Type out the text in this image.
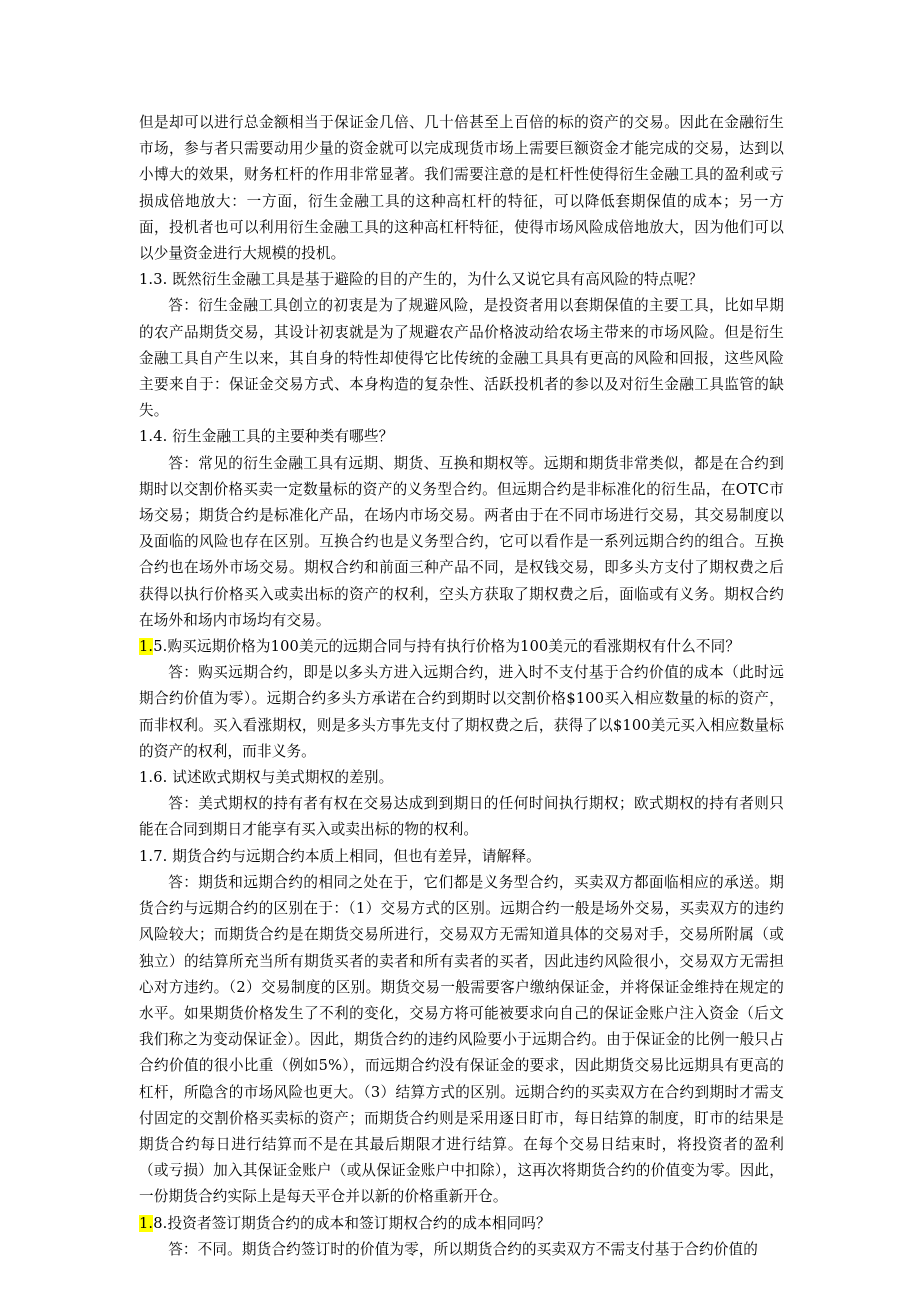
但是却可以进行总金额相当于保证金几倍、几十倍甚至上百倍的标的资产的交易。因此在金融衍生市场，参与者只需要动用少量的资金就可以完成现货市场上需要巨额资金才能完成的交易，达到以小博大的效果，财务杠杆的作用非常显著。我们需要注意的是杠杆性使得衍生金融工具的盈利或亏损成倍地放大：一方面，衍生金融工具的这种高杠杆的特征，可以降低套期保值的成本；另一方面，投机者也可以利用衍生金融工具的这种高杠杆特征，使得市场风险成倍地放大，因为他们可以以少量资金进行大规模的投机。

1.3. 既然衍生金融工具是基于避险的目的产生的，为什么又说它具有高风险的特点呢？

答：衍生金融工具创立的初衷是为了规避风险，是投资者用以套期保值的主要工具，比如早期的农产品期货交易，其设计初衷就是为了规避农产品价格波动给农场主带来的市场风险。但是衍生金融工具自产生以来，其自身的特性却使得它比传统的金融工具具有更高的风险和回报，这些风险主要来自于：保证金交易方式、本身构造的复杂性、活跃投机者的参以及对衍生金融工具监管的缺失。

1.4. 衍生金融工具的主要种类有哪些？

答：常见的衍生金融工具有远期、期货、互换和期权等。远期和期货非常类似，都是在合约到期时以交割价格买卖一定数量标的资产的义务型合约。但远期合约是非标准化的衍生品，在OTC市场交易；期货合约是标准化产品，在场内市场交易。两者由于在不同市场进行交易，其交易制度以及面临的风险也存在区别。互换合约也是义务型合约，它可以看作是一系列远期合约的组合。互换合约也在场外市场交易。期权合约和前面三种产品不同，是权钱交易，即多头方支付了期权费之后获得以执行价格买入或卖出标的资产的权利，空头方获取了期权费之后，面临或有义务。期权合约在场外和场内市场均有交易。

1.5.购买远期价格为100美元的远期合同与持有执行价格为100美元的看涨期权有什么不同？

答：购买远期合约，即是以多头方进入远期合约，进入时不支付基于合约价值的成本（此时远期合约价值为零）。远期合约多头方承诺在合约到期时以交割价格$100买入相应数量的标的资产，而非权利。买入看涨期权，则是多头方事先支付了期权费之后，获得了以$100美元买入相应数量标的资产的权利，而非义务。

1.6. 试述欧式期权与美式期权的差别。

答：美式期权的持有者有权在交易达成到到期日的任何时间执行期权；欧式期权的持有者则只能在合同到期日才能享有买入或卖出标的物的权利。

1.7. 期货合约与远期合约本质上相同，但也有差异，请解释。

答：期货和远期合约的相同之处在于，它们都是义务型合约，买卖双方都面临相应的承送。期货合约与远期合约的区别在于：（1）交易方式的区别。远期合约一般是场外交易，买卖双方的违约风险较大；而期货合约是在期货交易所进行，交易双方无需知道具体的交易对手，交易所附属（或独立）的结算所充当所有期货买者的卖者和所有卖者的买者，因此违约风险很小，交易双方无需担心对方违约。（2）交易制度的区别。期货交易一般需要客户缴纳保证金，并将保证金维持在规定的水平。如果期货价格发生了不利的变化，交易方将可能被要求向自己的保证金账户注入资金（后文我们称之为变动保证金）。因此，期货合约的违约风险要小于远期合约。由于保证金的比例一般只占合约价值的很小比重（例如5%），而远期合约没有保证金的要求，因此期货交易比远期具有更高的杠杆，所隐含的市场风险也更大。（3）结算方式的区别。远期合约的买卖双方在合约到期时才需支付固定的交割价格买卖标的资产；而期货合约则是采用逐日盯市，每日结算的制度，盯市的结果是期货合约每日进行结算而不是在其最后期限才进行结算。在每个交易日结束时，将投资者的盈利（或亏损）加入其保证金账户（或从保证金账户中扣除），这再次将期货合约的价值变为零。因此，一份期货合约实际上是每天平仓并以新的价格重新开仓。

1.8.投资者签订期货合约的成本和签订期权合约的成本相同吗？

答：不同。期货合约签订时的价值为零，所以期货合约的买卖双方不需支付基于合约价值的
